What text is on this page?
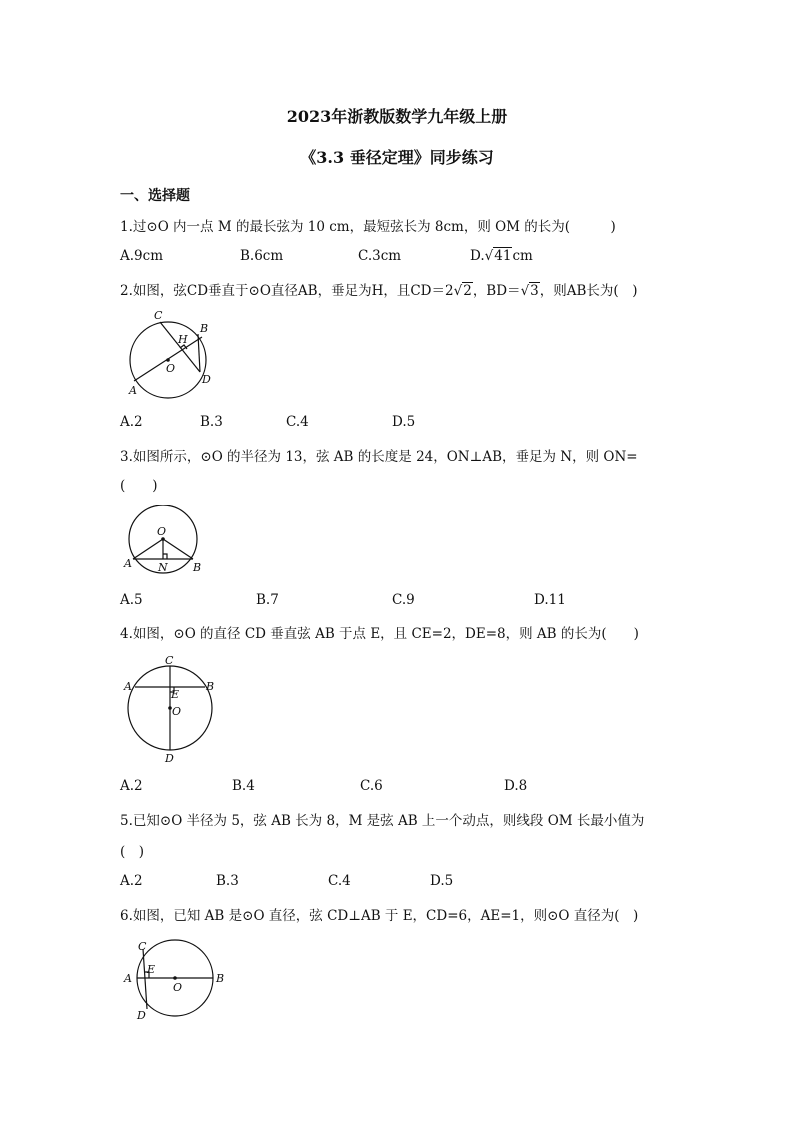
2023年浙教版数学九年级上册
《3.3 垂径定理》同步练习
一、选择题
1.过⊙O 内一点 M 的最长弦为 10 cm，最短弦长为 8cm，则 OM 的长为(　　　)
A.9cm	B.6cm	C.3cm	D.√41cm
2.如图，弦CD垂直于⊙O直径AB，垂足为H，且CD＝2√2，BD＝√3，则AB长为(　)
C
H
B
O
A
D
A.2	B.3	C.4	D.5
3.如图所示，⊙O 的半径为 13，弦 AB 的长度是 24，ON⊥AB，垂足为 N，则 ON=
(　　)
O
A N B
A.5	B.7	C.9	D.11
4.如图，⊙O 的直径 CD 垂直弦 AB 于点 E，且 CE=2，DE=8，则 AB 的长为(　　)
C
A
E
B
O
D
A.2	B.4	C.6	D.8
5.已知⊙O 半径为 5，弦 AB 长为 8，M 是弦 AB 上一个动点，则线段 OM 长最小值为
(　)
A.2	B.3	C.4	D.5
6.如图，已知 AB 是⊙O 直径，弦 CD⊥AB 于 E，CD=6，AE=1，则⊙O 直径为(　)
C
A
E
O
B
D
